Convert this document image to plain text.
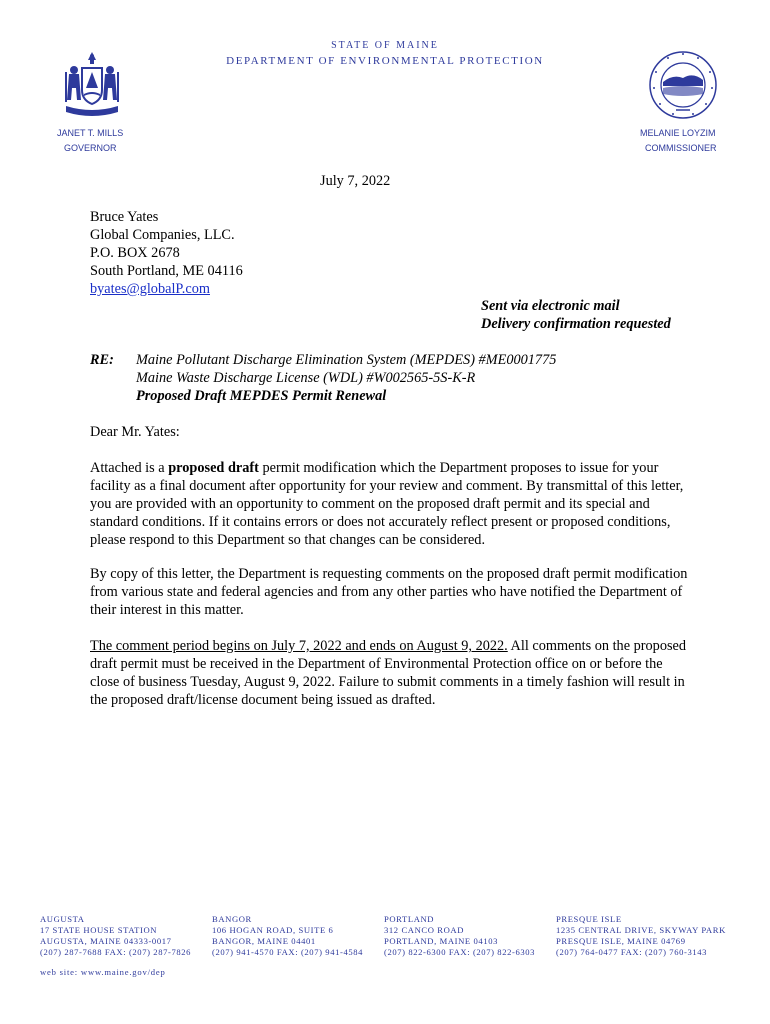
STATE OF MAINE
DEPARTMENT OF ENVIRONMENTAL PROTECTION
JANET T. MILLS
GOVERNOR
MELANIE LOYZIM
COMMISSIONER
July 7, 2022
Bruce Yates
Global Companies, LLC.
P.O. BOX 2678
South Portland, ME 04116
byates@globalP.com
Sent via electronic mail
Delivery confirmation requested
RE: Maine Pollutant Discharge Elimination System (MEPDES) #ME0001775
Maine Waste Discharge License (WDL) #W002565-5S-K-R
Proposed Draft MEPDES Permit Renewal
Dear Mr. Yates:
Attached is a proposed draft permit modification which the Department proposes to issue for your facility as a final document after opportunity for your review and comment. By transmittal of this letter, you are provided with an opportunity to comment on the proposed draft permit and its special and standard conditions. If it contains errors or does not accurately reflect present or proposed conditions, please respond to this Department so that changes can be considered.
By copy of this letter, the Department is requesting comments on the proposed draft permit modification from various state and federal agencies and from any other parties who have notified the Department of their interest in this matter.
The comment period begins on July 7, 2022 and ends on August 9, 2022. All comments on the proposed draft permit must be received in the Department of Environmental Protection office on or before the close of business Tuesday, August 9, 2022. Failure to submit comments in a timely fashion will result in the proposed draft/license document being issued as drafted.
AUGUSTA
17 STATE HOUSE STATION
AUGUSTA, MAINE 04333-0017
(207) 287-7688 FAX: (207) 287-7826
BANGOR
106 HOGAN ROAD, SUITE 6
BANGOR, MAINE 04401
(207) 941-4570 FAX: (207) 941-4584
PORTLAND
312 CANCO ROAD
PORTLAND, MAINE 04103
(207) 822-6300 FAX: (207) 822-6303
PRESQUE ISLE
1235 CENTRAL DRIVE, SKYWAY PARK
PRESQUE ISLE, MAINE 04769
(207) 764-0477 FAX: (207) 760-3143
web site: www.maine.gov/dep
